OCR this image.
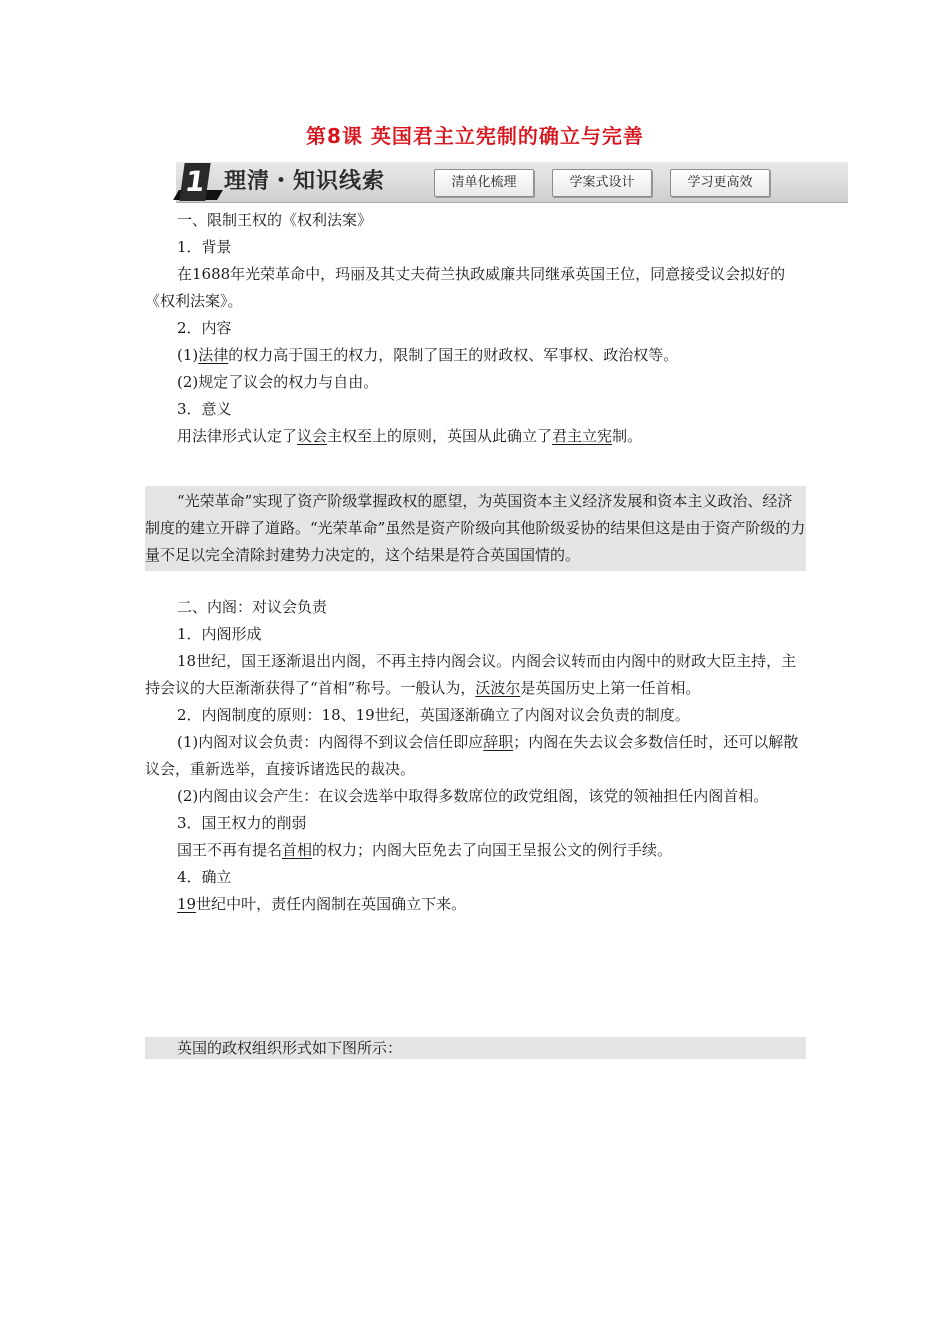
第8课 英国君主立宪制的确立与完善
1 理清・知识线索	清单化梳理	学案式设计	学习更高效

一、限制王权的《权利法案》

1．背景

在1688年光荣革命中，玛丽及其丈夫荷兰执政威廉共同继承英国王位，同意接受议会拟好的《权利法案》。

2．内容

(1)法律的权力高于国王的权力，限制了国王的财政权、军事权、政治权等。

(2)规定了议会的权力与自由。

3．意义

用法律形式认定了议会主权至上的原则，英国从此确立了君主立宪制。

“光荣革命”实现了资产阶级掌握政权的愿望，为英国资本主义经济发展和资本主义政治、经济制度的建立开辟了道路。“光荣革命”虽然是资产阶级向其他阶级妥协的结果但这是由于资产阶级的力量不足以完全清除封建势力决定的，这个结果是符合英国国情的。

二、内阁：对议会负责

1．内阁形成

18世纪，国王逐渐退出内阁，不再主持内阁会议。内阁会议转而由内阁中的财政大臣主持，主持会议的大臣渐渐获得了“首相”称号。一般认为，沃波尔是英国历史上第一任首相。

2．内阁制度的原则：18、19世纪，英国逐渐确立了内阁对议会负责的制度。

(1)内阁对议会负责：内阁得不到议会信任即应辞职；内阁在失去议会多数信任时，还可以解散议会，重新选举，直接诉诸选民的裁决。

(2)内阁由议会产生：在议会选举中取得多数席位的政党组阁，该党的领袖担任内阁首相。

3．国王权力的削弱

国王不再有提名首相的权力；内阁大臣免去了向国王呈报公文的例行手续。

4．确立

19世纪中叶，责任内阁制在英国确立下来。

英国的政权组织形式如下图所示：
